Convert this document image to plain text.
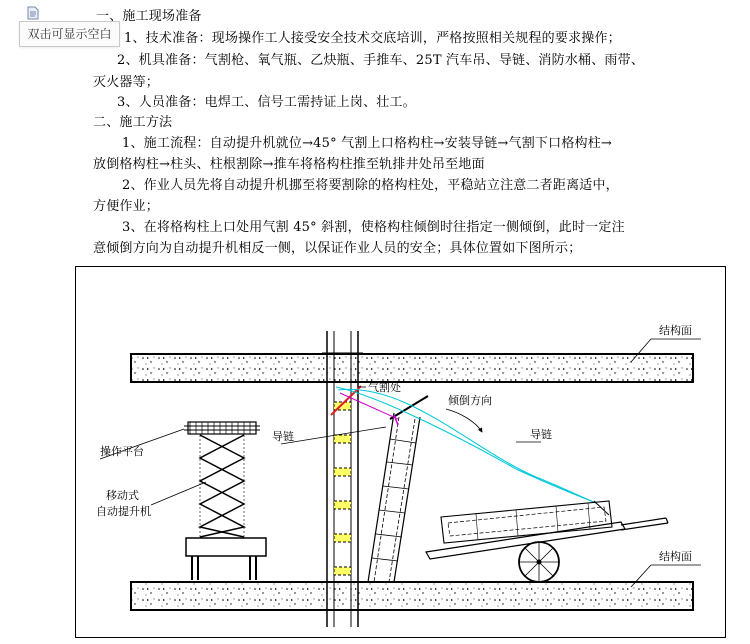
双击可显示空白
一、施工现场准备
1、技术准备：现场操作工人接受安全技术交底培训，严格按照相关规程的要求操作；
2、机具准备：气割枪、氧气瓶、乙炔瓶、手推车、25T 汽车吊、导链、消防水桶、雨带、
灭火器等；
3、人员准备：电焊工、信号工需持证上岗、壮工。
二、施工方法
1、施工流程：自动提升机就位→45° 气割上口格构柱→安装导链→气割下口格构柱→
放倒格构柱→柱头、柱根割除→推车将格构柱推至轨排井处吊至地面
2、作业人员先将自动提升机挪至将要割除的格构柱处，平稳站立注意二者距离适中，
方便作业；
3、在将格构柱上口处用气割 45° 斜割，使格构柱倾倒时往指定一侧倾倒，此时一定注
意倾倒方向为自动提升机相反一侧，以保证作业人员的安全；具体位置如下图所示；
结构面
结构面
操作平台
移动式
自动提升机
气割处
导链	导链
倾倒方向
